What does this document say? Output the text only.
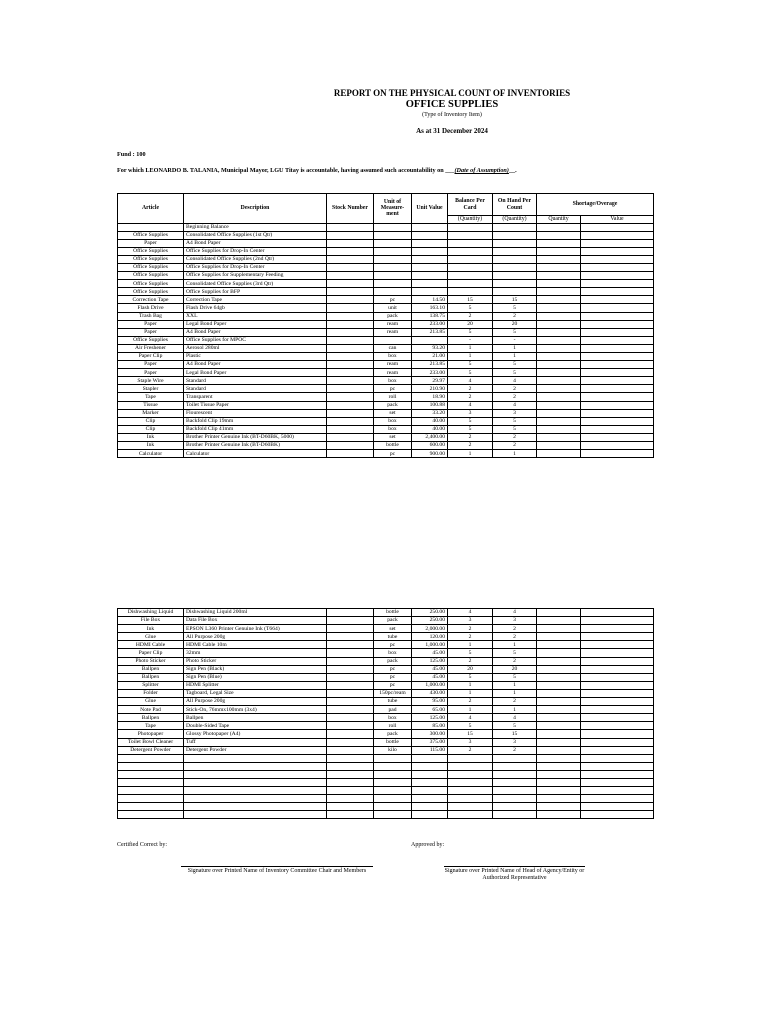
REPORT ON THE PHYSICAL COUNT OF INVENTORIES
OFFICE SUPPLIES
(Type of Inventory Item)
As at 31 December 2024
Fund : 100
For which LEONARDO B. TALANIA, Municipal Mayor, LGU Titay is accountable, having assumed such accountability on ___(Date of Assumption)__.
Article	Description	Stock Number	Unit of Measure-ment	Unit Value	Balance Per Card	On Hand Per Count	Shortage/Overage	
					(Quantity)	(Quantity)	Quantity	Value
	Beginning Balance							
Office Supplies	Consolidated Office Supplies (1st Qtr)							
Paper	A4 Bond Paper							
Office Supplies	Office Supplies for Drop-In Center							
Office Supplies	Consolidated Office Supplies (2nd Qtr)							
Office Supplies	Office Supplies for Drop-In Center							
Office Supplies	Office Supplies for Supplementary Feeding							
Office Supplies	Consolidated Office Supplies (3rd Qtr)							
Office Supplies	Office Supplies for BFP							
Correction Tape	Correction Tape		pc	14.50	15	15		
Flash Drive	Flash Drive 64gb		unit	163.10	5	5		
Trash Bag	XXL		pack	138.75	2	2		
Paper	Legal Bond Paper		ream	233.00	20	20		
Paper	A4 Bond Paper		ream	213.85	5	5		
Office Supplies	Office Supplies for MPOC				-	-		
Air Freshener	Aerosol 280ml		can	93.20	1	1		
Paper Clip	Plastic		box	21.00	1	1		
Paper	A4 Bond Paper		ream	213.85	5	5		
Paper	Legal Bond Paper		ream	233.00	5	5		
Staple Wire	Standard		box	29.97	4	4		
Stapler	Standard		pc	210.90	2	2		
Tape	Transparent		roll	18.90	2	2		
Tissue	Toilet Tissue Paper		pack	100.88	4	4		
Marker	Flourescent		set	33.20	3	3		
Clip	Backfold Clip 19mm		box	40.00	5	5		
Clip	Backfold Clip 41mm		box	40.00	5	5		
Ink	Brother Printer Genuine Ink (BT-D60BK, 5000)		set	2,400.00	2	2		
Ink	Brother Printer Genuine Ink (BT-D60BK)		bottle	600.00	2	2		
Calculator	Calculator		pc	900.00	1	1		
Dishwashing Liquid	Dishwashing Liquid 200ml		bottle	250.00	4	4		
File Box	Data File Box		pack	250.00	3	3		
Ink	EPSON L360 Printer Genuine Ink (T664)		set	2,000.00	2	2		
Glue	All Purpose 200g		tube	120.00	2	2		
HDMI Cable	HDMI Cable 10m		pc	1,000.00	1	1		
Paper Clip	32mm		box	45.00	5	5		
Photo Sticker	Photo Sticker		pack	125.00	2	2		
Ballpen	Sign Pen (Black)		pc	45.00	20	20		
Ballpen	Sign Pen (Blue)		pc	45.00	5	5		
Splitter	HDMI Splitter		pc	1,000.00	1	1		
Folder	Tagboard, Legal Size		150pc/ream	430.00	1	1		
Glue	All Purpose 200g		tube	95.00	2	2		
Note Pad	Stick-On, 76mmx100mm (3x4)		pad	65.00	1	1		
Ballpen	Ballpen		box	125.00	4	4		
Tape	Double-Sided Tape		roll	85.00	5	5		
Photopaper	Glossy Photopaper (A4)		pack	300.00	15	15		
Toilet Bowl Cleaner	Tuff		bottle	375.00	3	3		
Detergent Powder	Detergent Powder		kilo	115.00	2	2		

Certified Correct by:	Approved by:
Signature over Printed Name of Inventory Committee Chair and Members	Signature over Printed Name of Head of Agency/Entity or Authorized Representative
